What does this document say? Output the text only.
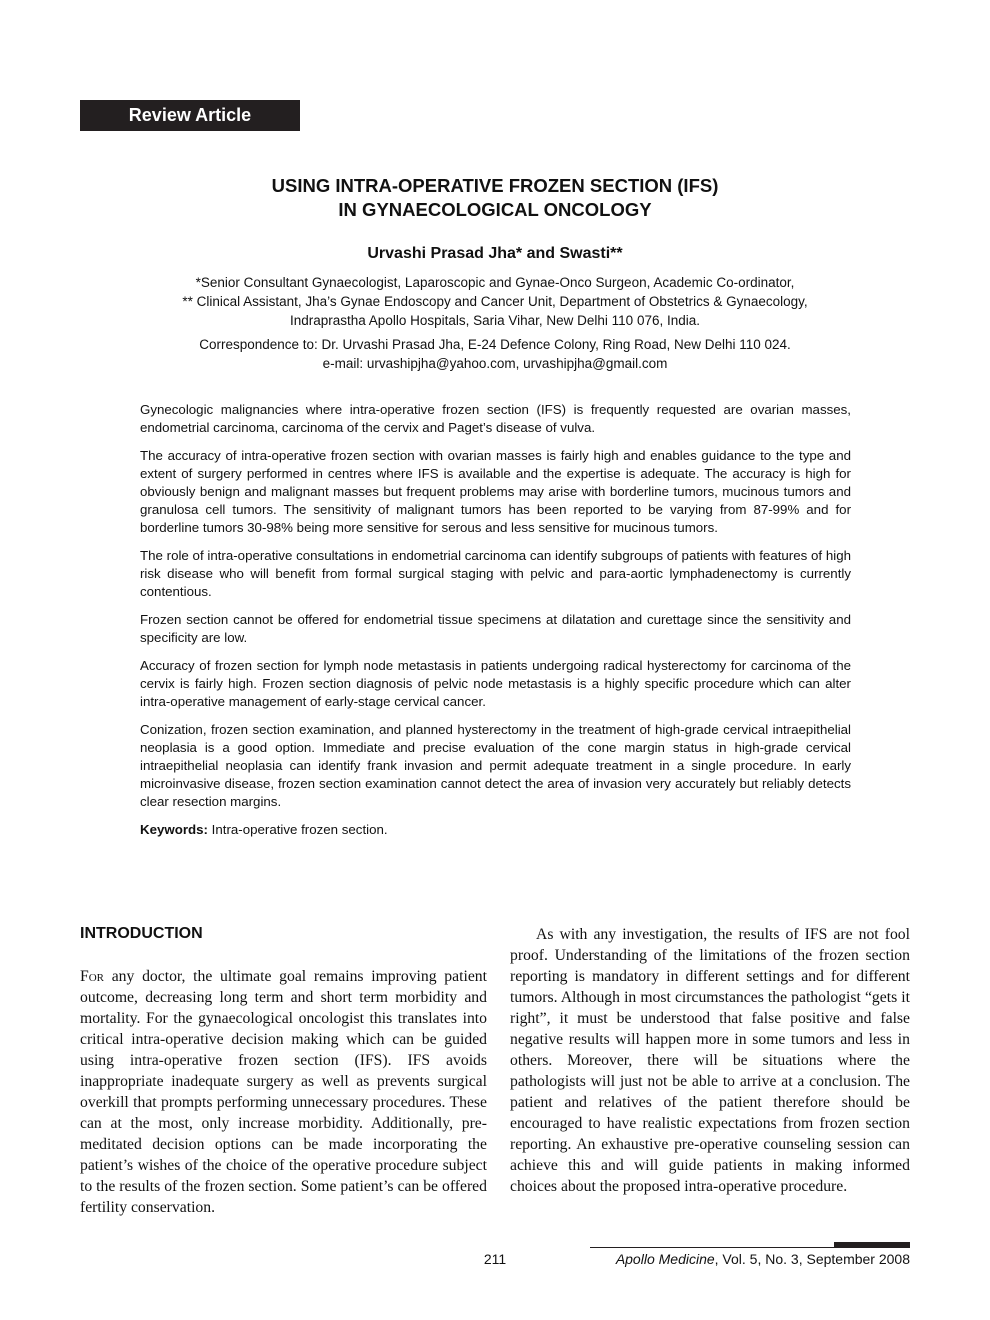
Review Article
USING INTRA-OPERATIVE FROZEN SECTION (IFS)
IN GYNAECOLOGICAL ONCOLOGY
Urvashi Prasad Jha* and Swasti**
*Senior Consultant Gynaecologist, Laparoscopic and Gynae-Onco Surgeon, Academic Co-ordinator,
** Clinical Assistant, Jha’s Gynae Endoscopy and Cancer Unit, Department of Obstetrics & Gynaecology,
Indraprastha Apollo Hospitals, Saria Vihar, New Delhi 110 076, India.
Correspondence to: Dr. Urvashi Prasad Jha, E-24 Defence Colony, Ring Road, New Delhi 110 024.
e-mail: urvashipjha@yahoo.com, urvashipjha@gmail.com

Gynecologic malignancies where intra-operative frozen section (IFS) is frequently requested are ovarian masses, endometrial carcinoma, carcinoma of the cervix and Paget’s disease of vulva.

The accuracy of intra-operative frozen section with ovarian masses is fairly high and enables guidance to the type and extent of surgery performed in centres where IFS is available and the expertise is adequate. The accuracy is high for obviously benign and malignant masses but frequent problems may arise with borderline tumors, mucinous tumors and granulosa cell tumors. The sensitivity of malignant tumors has been reported to be varying from 87-99% and for borderline tumors 30-98% being more sensitive for serous and less sensitive for mucinous tumors.

The role of intra-operative consultations in endometrial carcinoma can identify subgroups of patients with features of high risk disease who will benefit from formal surgical staging with pelvic and para-aortic lymphadenectomy is currently contentious.

Frozen section cannot be offered for endometrial tissue specimens at dilatation and curettage since the sensitivity and specificity are low.

Accuracy of frozen section for lymph node metastasis in patients undergoing radical hysterectomy for carcinoma of the cervix is fairly high. Frozen section diagnosis of pelvic node metastasis is a highly specific procedure which can alter intra-operative management of early-stage cervical cancer.

Conization, frozen section examination, and planned hysterectomy in the treatment of high-grade cervical intraepithelial neoplasia is a good option. Immediate and precise evaluation of the cone margin status in high-grade cervical intraepithelial neoplasia can identify frank invasion and permit adequate treatment in a single procedure. In early microinvasive disease, frozen section examination cannot detect the area of invasion very accurately but reliably detects clear resection margins.

Keywords: Intra-operative frozen section.

INTRODUCTION
For any doctor, the ultimate goal remains improving patient outcome, decreasing long term and short term morbidity and mortality. For the gynaecological oncologist this translates into critical intra-operative decision making which can be guided using intra-operative frozen section (IFS). IFS avoids inappropriate inadequate surgery as well as prevents surgical overkill that prompts performing unnecessary procedures. These can at the most, only increase morbidity. Additionally, pre-meditated decision options can be made incorporating the patient’s wishes of the choice of the operative procedure subject to the results of the frozen section. Some patient’s can be offered fertility conservation.
As with any investigation, the results of IFS are not fool proof. Understanding of the limitations of the frozen section reporting is mandatory in different settings and for different tumors. Although in most circumstances the pathologist “gets it right”, it must be understood that false positive and false negative results will happen more in some tumors and less in others. Moreover, there will be situations where the pathologists will just not be able to arrive at a conclusion. The patient and relatives of the patient therefore should be encouraged to have realistic expectations from frozen section reporting. An exhaustive pre-operative counseling session can achieve this and will guide patients in making informed choices about the proposed intra-operative procedure.
211	Apollo Medicine, Vol. 5, No. 3, September 2008
